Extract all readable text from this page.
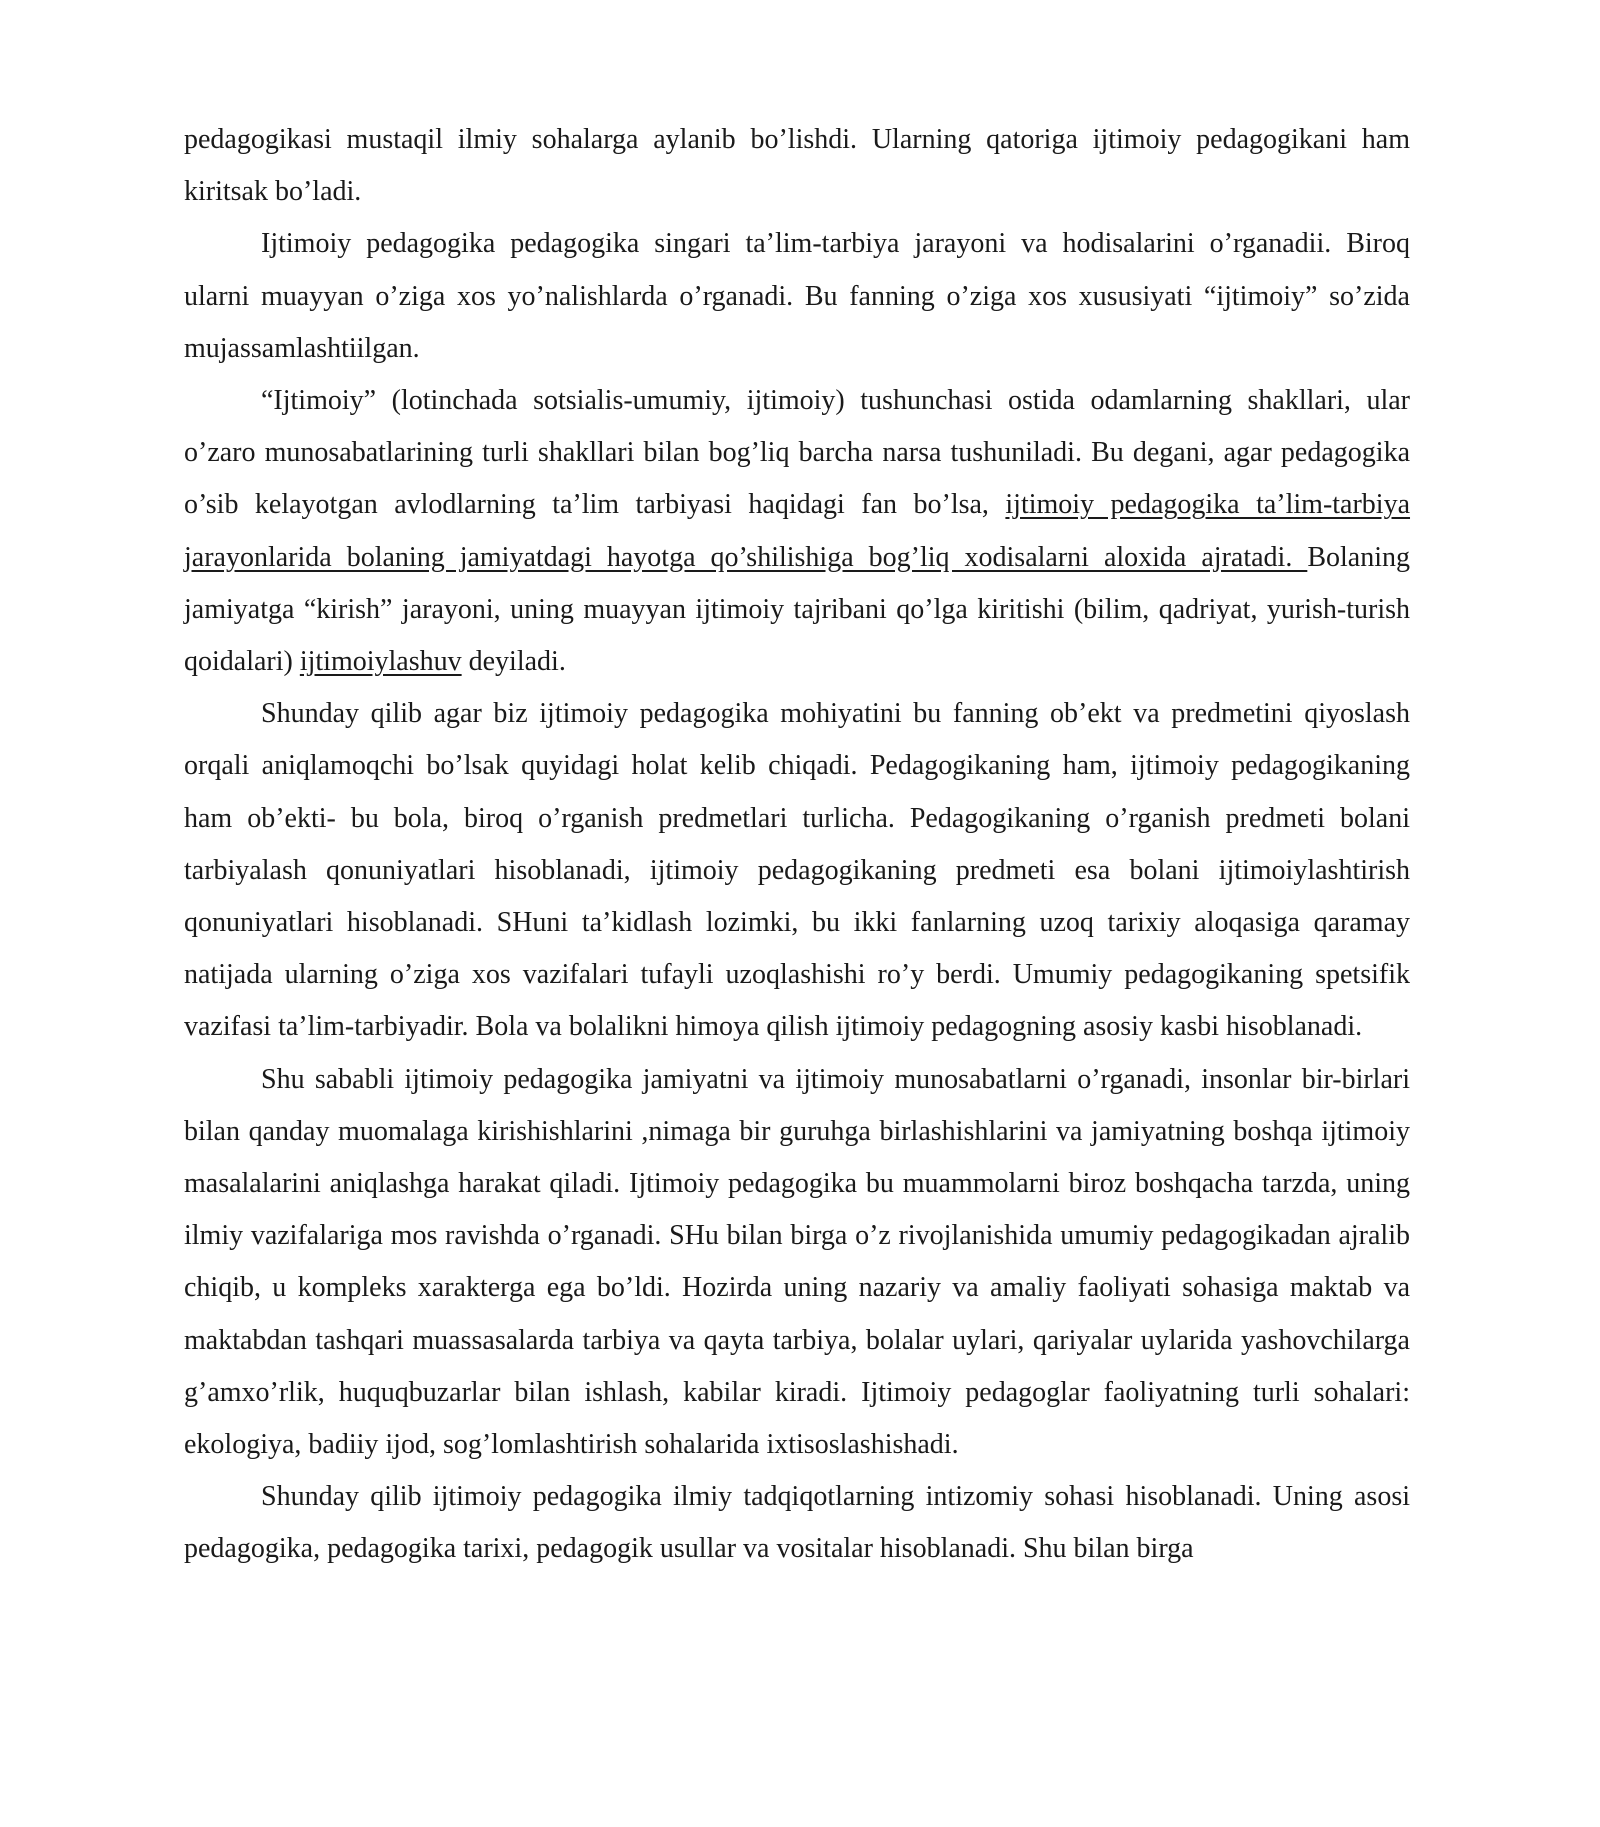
pedagogikasi mustaqil ilmiy sohalarga aylanib bo’lishdi. Ularning qatoriga ijtimoiy pedagogikani ham kiritsak bo’ladi.

Ijtimoiy pedagogika pedagogika singari ta’lim-tarbiya jarayoni va hodisalarini o’rganadii. Biroq ularni muayyan o’ziga xos yo’nalishlarda o’rganadi. Bu fanning o’ziga xos xususiyati “ijtimoiy” so’zida mujassamlashtiilgan.

“Ijtimoiy” (lotinchada sotsialis-umumiy, ijtimoiy) tushunchasi ostida odamlarning shakllari, ular o’zaro munosabatlarining turli shakllari bilan bog’liq barcha narsa tushuniladi. Bu degani, agar pedagogika o’sib kelayotgan avlodlarning ta’lim tarbiyasi haqidagi fan bo’lsa, ijtimoiy pedagogika ta’lim-tarbiya jarayonlarida bolaning jamiyatdagi hayotga qo’shilishiga bog’liq xodisalarni aloxida ajratadi. Bolaning jamiyatga “kirish” jarayoni, uning muayyan ijtimoiy tajribani qo’lga kiritishi (bilim, qadriyat, yurish-turish qoidalari) ijtimoiylashuv deyiladi.

Shunday qilib agar biz ijtimoiy pedagogika mohiyatini bu fanning ob’ekt va predmetini qiyoslash orqali aniqlamoqchi bo’lsak quyidagi holat kelib chiqadi. Pedagogikaning ham, ijtimoiy pedagogikaning ham ob’ekti- bu bola, biroq o’rganish predmetlari turlicha. Pedagogikaning o’rganish predmeti bolani tarbiyalash qonuniyatlari hisoblanadi, ijtimoiy pedagogikaning predmeti esa bolani ijtimoiylashtirish qonuniyatlari hisoblanadi. SHuni ta’kidlash lozimki, bu ikki fanlarning uzoq tarixiy aloqasiga qaramay natijada ularning o’ziga xos vazifalari tufayli uzoqlashishi ro’y berdi. Umumiy pedagogikaning spetsifik vazifasi ta’lim-tarbiyadir. Bola va bolalikni himoya qilish ijtimoiy pedagogning asosiy kasbi hisoblanadi.

Shu sababli ijtimoiy pedagogika jamiyatni va ijtimoiy munosabatlarni o’rganadi, insonlar bir-birlari bilan qanday muomalaga kirishishlarini ,nimaga bir guruhga birlashishlarini va jamiyatning boshqa ijtimoiy masalalarini aniqlashga harakat qiladi. Ijtimoiy pedagogika bu muammolarni biroz boshqacha tarzda, uning ilmiy vazifalariga mos ravishda o’rganadi. SHu bilan birga o’z rivojlanishida umumiy pedagogikadan ajralib chiqib, u kompleks xarakterga ega bo’ldi. Hozirda uning nazariy va amaliy faoliyati sohasiga maktab va maktabdan tashqari muassasalarda tarbiya va qayta tarbiya, bolalar uylari, qariyalar uylarida yashovchilarga g’amxo’rlik, huquqbuzarlar bilan ishlash, kabilar kiradi. Ijtimoiy pedagoglar faoliyatning turli sohalari: ekologiya, badiiy ijod, sog’lomlashtirish sohalarida ixtisoslashishadi.

Shunday qilib ijtimoiy pedagogika ilmiy tadqiqotlarning intizomiy sohasi hisoblanadi. Uning asosi pedagogika, pedagogika tarixi, pedagogik usullar va vositalar hisoblanadi. Shu bilan birga
